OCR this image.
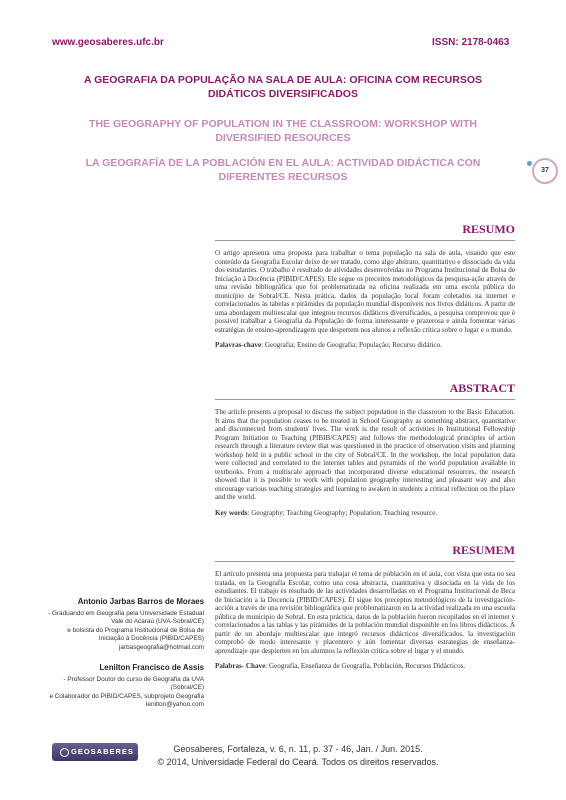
www.geosaberes.ufc.br	ISSN: 2178-0463
A GEOGRAFIA DA POPULAÇÃO NA SALA DE AULA: OFICINA COM RECURSOS DIDÁTICOS DIVERSIFICADOS
THE GEOGRAPHY OF POPULATION IN THE CLASSROOM: WORKSHOP WITH DIVERSIFIED RESOURCES
LA GEOGRAFÍA DE LA POBLACIÓN EN EL AULA: ACTIVIDAD DIDÁCTICA CON DIFERENTES RECURSOS
37
RESUMO
O artigo apresenta uma proposta para trabalhar o tema população na sala de aula, visando que este conteúdo da Geografia Escolar deixe de ser tratado, como algo abstrato, quantitativo e dissociado da vida dos estudantes. O trabalho é resultado de atividades desenvolvidas no Programa Institucional de Bolsa de Iniciação à Docência (PIBID/CAPES). Ele segue os preceitos metodológicos da pesquisa-ação através de uma revisão bibliográfica que foi problematizada na oficina realizada em uma escola pública do município de Sobral/CE. Nesta prática, dados da população local foram coletados na internet e correlacionados às tabelas e pirâmides da população mundial disponíveis nos livros didáticos. A partir de uma abordagem multiescalar que integrou recursos didáticos diversificados, a pesquisa comprovou que é possível trabalhar a Geografia da População de forma interessante e prazerosa e ainda fomentar várias estratégias de ensino-aprendizagem que despertem nos alunos a reflexão crítica sobre o lugar e o mundo.
Palavras-chave: Geografia; Ensino de Geografia; População; Recurso didático.
ABSTRACT
The article presents a proposal to discuss the subject population in the classroom to the Basic Education. It aims that the population ceases to be treated in School Geography as something abstract, quantitative and disconnected from students' lives. The work is the result of activities in Institutional Fellowship Program Initiation to Teaching (PIBIB/CAPES) and follows the methodological principles of action research through a literature review that was questioned in the practice of observation visits and planning workshop held in a public school in the city of Sobral/CE. In the workshop, the local population data were collected and correlated to the internet tables and pyramids of the world population available in textbooks. From a multiscale approach that incorporated diverse educational resources, the research showed that it is possible to work with population geography interesting and pleasant way and also encourage various teaching strategies and learning to awaken in students a critical reflection on the place and the world.
Key words: Geography; Teaching Geography; Population; Teaching resource.
RESUMEM
El artículo presenta una propuesta para trabajar el tema de población en el aula, con vista que esta no sea tratada, en la Geografía Escolar, como una cosa abstracta, cuantitativa y disociada en la vida de los estudiantes. El trabajo es resultado de las actividades desarrolladas en el Programa Institucional de Beca de Iniciación a la Docencia (PIBID/CAPES). Él sigue los preceptos metodológicos de la investigación- acción a través de una revisión bibliográfica que problematizaron en la actividad realizada en una escuela pública de municipio de Sobral. En esta práctica, datos de la población fueron recopilados en el internet y correlacionados a las tablas y las pirámides de la población mundial disponible en los libros didácticos. A partir de un abordaje multiescalar que integró recursos didácticos diversificados, la investigación comprobó de modo interesante y placentero y aún fomentar diversas estrategias de enseñanza- aprendizaje que despierten en los alumnos la reflexión crítica sobre el lugar y el mundo.
Palabras- Chave: Geografía, Enseñanza de Geografía, Población, Recursos Didácticos.
Antonio Jarbas Barros de Moraes
- Graduando em Geografia pela Universidade Estadual
Vale do Acaraú (UVA-Sobral/CE)
e bolsista do Programa Institucional de Bolsa de
Iniciação à Docência (PIBID/CAPES)
jarbasgeografia@hotmail.com
Lenilton Francisco de Assis
- Professor Doutor do curso de Geografia da UVA
(Sobral/CE)
e Colaborador do PIBID/CAPES, subprojeto Geografia
lenilton@yahoo.com
GEOSABERES	Geosaberes, Fortaleza, v. 6, n. 11, p. 37 - 46, Jan. / Jun. 2015.
© 2014, Universidade Federal do Ceará. Todos os direitos reservados.
